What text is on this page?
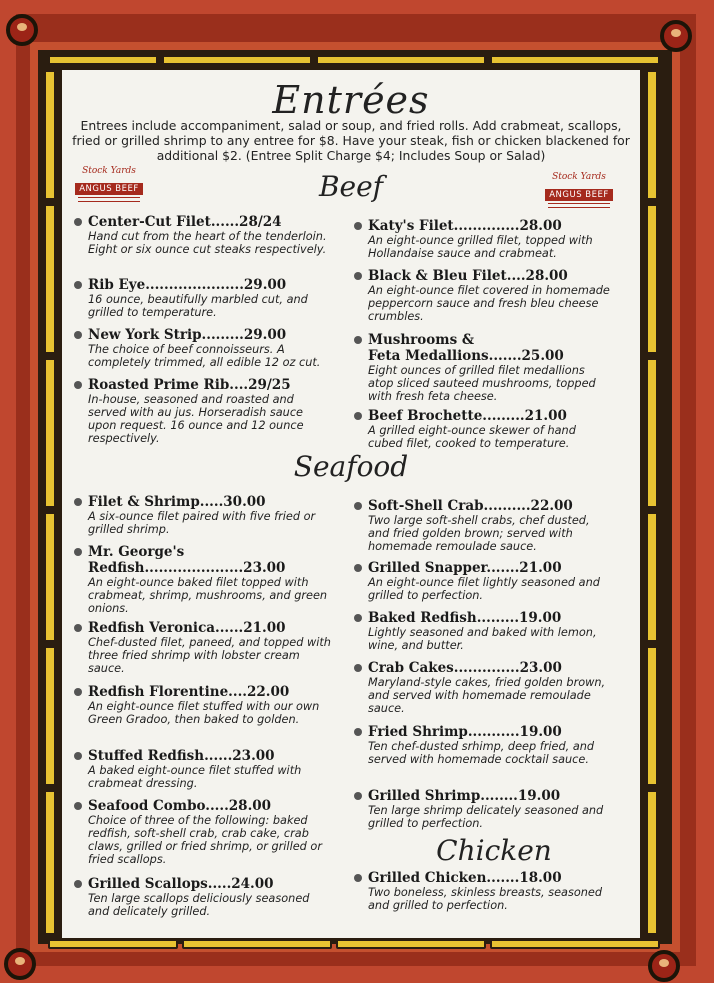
Entrées
Entrees include accompaniment, salad or soup, and fried rolls. Add crabmeat, scallops, fried or grilled shrimp to any entree for $8. Have your steak, fish or chicken blackened for additional $2. (Entree Split Charge $4; Includes Soup or Salad)
Stock Yards
ANGUS BEEF
Stock Yards
ANGUS BEEF
Beef
Center-Cut Filet......28/24
Hand cut from the heart of the tenderloin. Eight or six ounce cut steaks respectively.
Rib Eye.....................29.00
16 ounce, beautifully marbled cut, and grilled to temperature.
New York Strip.........29.00
The choice of beef connoisseurs. A completely trimmed, all edible 12 oz cut.
Roasted Prime Rib....29/25
In-house, seasoned and roasted and served with au jus. Horseradish sauce upon request. 16 ounce and 12 ounce respectively.
Katy's Filet..............28.00
An eight-ounce grilled filet, topped with Hollandaise sauce and crabmeat.
Black & Bleu Filet....28.00
An eight-ounce filet covered in homemade peppercorn sauce and fresh bleu cheese crumbles.
Mushrooms &
Feta Medallions.......25.00
Eight ounces of grilled filet medallions atop sliced sauteed mushrooms, topped with fresh feta cheese.
Beef Brochette.........21.00
A grilled eight-ounce skewer of hand cubed filet, cooked to temperature.
Seafood
Filet & Shrimp.....30.00
A six-ounce filet paired with five fried or grilled shrimp.
Mr. George's
Redfish.....................23.00
An eight-ounce baked filet topped with crabmeat, shrimp, mushrooms, and green onions.
Redfish Veronica......21.00
Chef-dusted filet, paneed, and topped with three fried shrimp with lobster cream sauce.
Redfish Florentine....22.00
An eight-ounce filet stuffed with our own Green Gradoo, then baked to golden.
Stuffed Redfish......23.00
A baked eight-ounce filet stuffed with crabmeat dressing.
Seafood Combo.....28.00
Choice of three of the following: baked redfish, soft-shell crab, crab cake, crab claws, grilled or fried shrimp, or grilled or fried scallops.
Grilled Scallops.....24.00
Ten large scallops deliciously seasoned and delicately grilled.
Soft-Shell Crab..........22.00
Two large soft-shell crabs, chef dusted, and fried golden brown; served with homemade remoulade sauce.
Grilled Snapper.......21.00
An eight-ounce filet lightly seasoned and grilled to perfection.
Baked Redfish.........19.00
Lightly seasoned and baked with lemon, wine, and butter.
Crab Cakes..............23.00
Maryland-style cakes, fried golden brown, and served with homemade remoulade sauce.
Fried Shrimp...........19.00
Ten chef-dusted srhimp, deep fried, and served with homemade cocktail sauce.
Grilled Shrimp........19.00
Ten large shrimp delicately seasoned and grilled to perfection.
Chicken
Grilled Chicken.......18.00
Two boneless, skinless breasts, seasoned and grilled to perfection.
